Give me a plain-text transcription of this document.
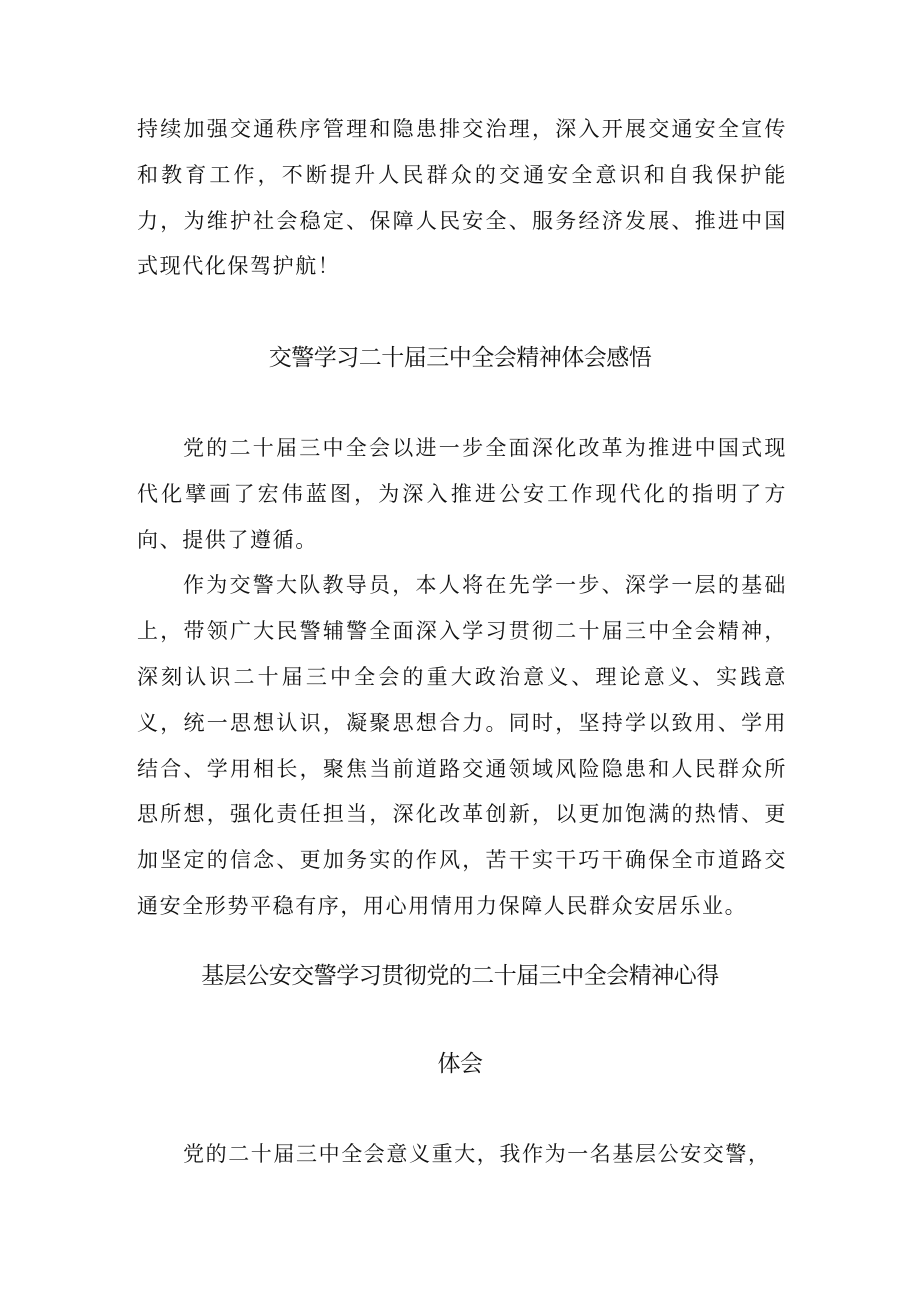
持续加强交通秩序管理和隐患排交治理，深入开展交通安全宣传和教育工作，不断提升人民群众的交通安全意识和自我保护能力，为维护社会稳定、保障人民安全、服务经济发展、推进中国式现代化保驾护航！

交警学习二十届三中全会精神体会感悟

党的二十届三中全会以进一步全面深化改革为推进中国式现代化擘画了宏伟蓝图，为深入推进公安工作现代化的指明了方向、提供了遵循。

作为交警大队教导员，本人将在先学一步、深学一层的基础上，带领广大民警辅警全面深入学习贯彻二十届三中全会精神，深刻认识二十届三中全会的重大政治意义、理论意义、实践意义，统一思想认识，凝聚思想合力。同时，坚持学以致用、学用结合、学用相长，聚焦当前道路交通领域风险隐患和人民群众所思所想，强化责任担当，深化改革创新，以更加饱满的热情、更加坚定的信念、更加务实的作风，苦干实干巧干确保全市道路交通安全形势平稳有序，用心用情用力保障人民群众安居乐业。

基层公安交警学习贯彻党的二十届三中全会精神心得
体会

党的二十届三中全会意义重大，我作为一名基层公安交警，
